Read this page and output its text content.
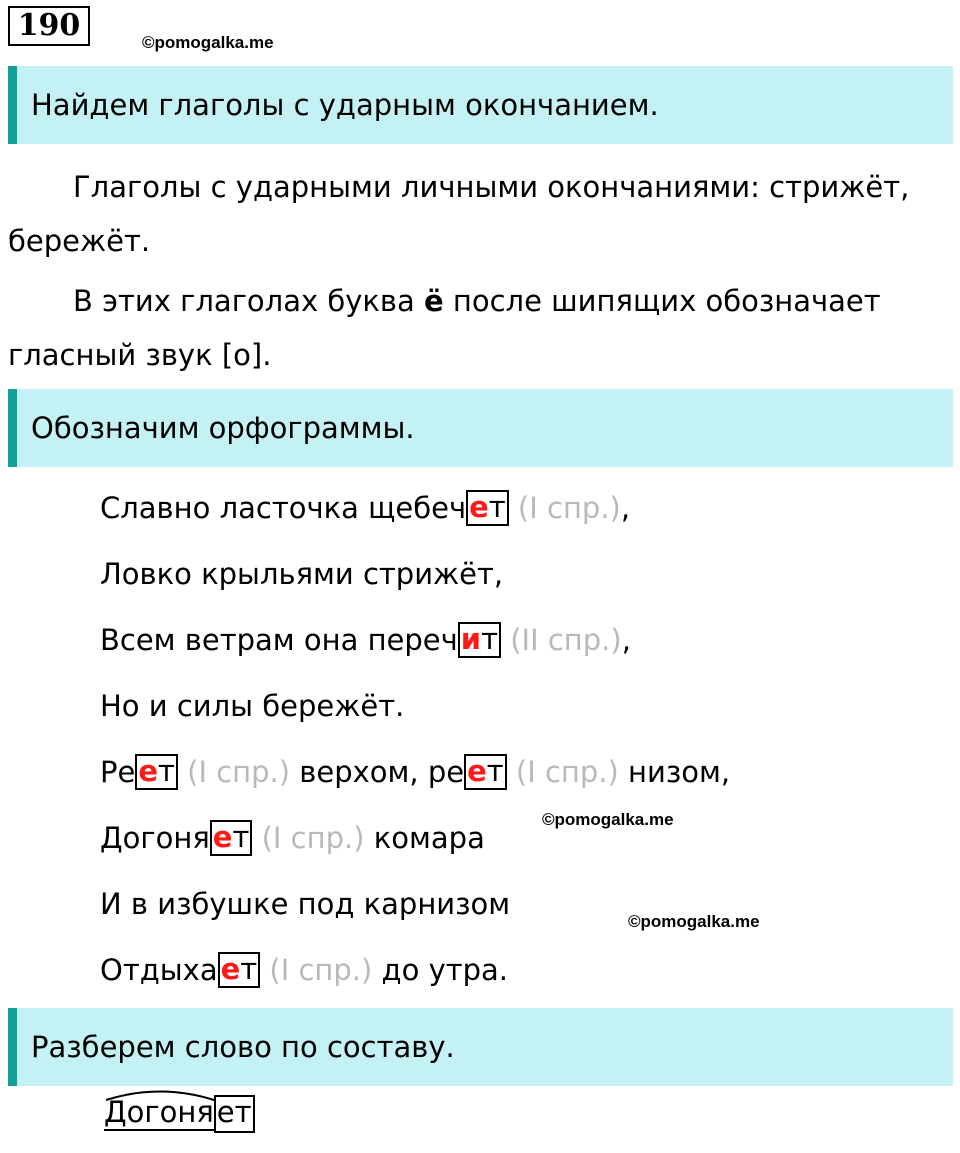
190	©pomogalka.me
Найдем глаголы с ударным окончанием.
Глаголы с ударными личными окончаниями: стрижёт, бережёт.
В этих глаголах буква ё после шипящих обозначает гласный звук [о].
Обозначим орфограммы.
Славно ласточка щебеч ет (I спр.),
Ловко крыльями стрижёт,
Всем ветрам она переч ит (II спр.),
Но и силы бережёт.
Ре ет (I спр.) верхом, ре ет (I спр.) низом,
Догоня ет (I спр.) комара
©pomogalka.me
И в избушке под карнизом
©pomogalka.me
Отдыха ет (I спр.) до утра.
Разберем слово по составу.
Догоня ет
